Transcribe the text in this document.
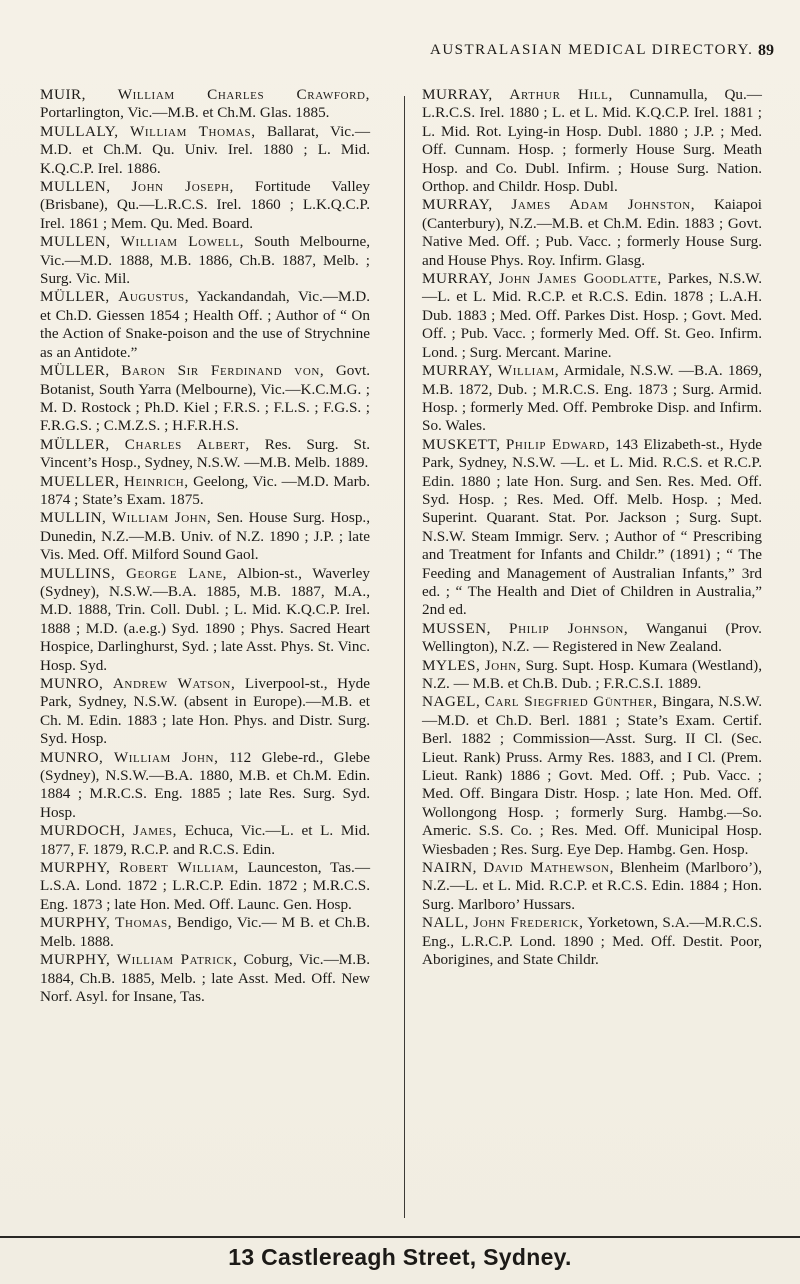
AUSTRALASIAN MEDICAL DIRECTORY. 89

MUIR, William Charles Crawford, Portarlington, Vic.—M.B. et Ch.M. Glas. 1885.

MULLALY, William Thomas, Ballarat, Vic.—M.D. et Ch.M. Qu. Univ. Irel. 1880 ; L. Mid. K.Q.C.P. Irel. 1886.

MULLEN, John Joseph, Fortitude Valley (Brisbane), Qu.—L.R.C.S. Irel. 1860 ; L.K.Q.C.P. Irel. 1861 ; Mem. Qu. Med. Board.

MULLEN, William Lowell, South Melbourne, Vic.—M.D. 1888, M.B. 1886, Ch.B. 1887, Melb. ; Surg. Vic. Mil.

MÜLLER, Augustus, Yackandandah, Vic.—M.D. et Ch.D. Giessen 1854 ; Health Off. ; Author of “ On the Action of Snake-poison and the use of Strychnine as an Antidote.”

MÜLLER, Baron Sir Ferdinand von, Govt. Botanist, South Yarra (Melbourne), Vic.—K.C.M.G. ; M. D. Rostock ; Ph.D. Kiel ; F.R.S. ; F.L.S. ; F.G.S. ; F.R.G.S. ; C.M.Z.S. ; H.F.R.H.S.

MÜLLER, Charles Albert, Res. Surg. St. Vincent’s Hosp., Sydney, N.S.W. —M.B. Melb. 1889.

MUELLER, Heinrich, Geelong, Vic. —M.D. Marb. 1874 ; State’s Exam. 1875.

MULLIN, William John, Sen. House Surg. Hosp., Dunedin, N.Z.—M.B. Univ. of N.Z. 1890 ; J.P. ; late Vis. Med. Off. Milford Sound Gaol.

MULLINS, George Lane, Albion-st., Waverley (Sydney), N.S.W.—B.A. 1885, M.B. 1887, M.A., M.D. 1888, Trin. Coll. Dubl. ; L. Mid. K.Q.C.P. Irel. 1888 ; M.D. (a.e.g.) Syd. 1890 ; Phys. Sacred Heart Hospice, Darlinghurst, Syd. ; late Asst. Phys. St. Vinc. Hosp. Syd.

MUNRO, Andrew Watson, Liverpool-st., Hyde Park, Sydney, N.S.W. (absent in Europe).—M.B. et Ch. M. Edin. 1883 ; late Hon. Phys. and Distr. Surg. Syd. Hosp.

MUNRO, William John, 112 Glebe-rd., Glebe (Sydney), N.S.W.—B.A. 1880, M.B. et Ch.M. Edin. 1884 ; M.R.C.S. Eng. 1885 ; late Res. Surg. Syd. Hosp.

MURDOCH, James, Echuca, Vic.—L. et L. Mid. 1877, F. 1879, R.C.P. and R.C.S. Edin.

MURPHY, Robert William, Launceston, Tas.—L.S.A. Lond. 1872 ; L.R.C.P. Edin. 1872 ; M.R.C.S. Eng. 1873 ; late Hon. Med. Off. Launc. Gen. Hosp.

MURPHY, Thomas, Bendigo, Vic.— M B. et Ch.B. Melb. 1888.

MURPHY, William Patrick, Coburg, Vic.—M.B. 1884, Ch.B. 1885, Melb. ; late Asst. Med. Off. New Norf. Asyl. for Insane, Tas.

MURRAY, Arthur Hill, Cunnamulla, Qu.—L.R.C.S. Irel. 1880 ; L. et L. Mid. K.Q.C.P. Irel. 1881 ; L. Mid. Rot. Lying-in Hosp. Dubl. 1880 ; J.P. ; Med. Off. Cunnam. Hosp. ; formerly House Surg. Meath Hosp. and Co. Dubl. Infirm. ; House Surg. Nation. Orthop. and Childr. Hosp. Dubl.

MURRAY, James Adam Johnston, Kaiapoi (Canterbury), N.Z.—M.B. et Ch.M. Edin. 1883 ; Govt. Native Med. Off. ; Pub. Vacc. ; formerly House Surg. and House Phys. Roy. Infirm. Glasg.

MURRAY, John James Goodlatte, Parkes, N.S.W.—L. et L. Mid. R.C.P. et R.C.S. Edin. 1878 ; L.A.H. Dub. 1883 ; Med. Off. Parkes Dist. Hosp. ; Govt. Med. Off. ; Pub. Vacc. ; formerly Med. Off. St. Geo. Infirm. Lond. ; Surg. Mercant. Marine.

MURRAY, William, Armidale, N.S.W. —B.A. 1869, M.B. 1872, Dub. ; M.R.C.S. Eng. 1873 ; Surg. Armid. Hosp. ; formerly Med. Off. Pembroke Disp. and Infirm. So. Wales.

MUSKETT, Philip Edward, 143 Elizabeth-st., Hyde Park, Sydney, N.S.W. —L. et L. Mid. R.C.S. et R.C.P. Edin. 1880 ; late Hon. Surg. and Sen. Res. Med. Off. Syd. Hosp. ; Res. Med. Off. Melb. Hosp. ; Med. Superint. Quarant. Stat. Por. Jackson ; Surg. Supt. N.S.W. Steam Immigr. Serv. ; Author of “ Prescribing and Treatment for Infants and Childr.” (1891) ; “ The Feeding and Management of Australian Infants,” 3rd ed. ; “ The Health and Diet of Children in Australia,” 2nd ed.

MUSSEN, Philip Johnson, Wanganui (Prov. Wellington), N.Z. — Registered in New Zealand.

MYLES, John, Surg. Supt. Hosp. Kumara (Westland), N.Z. — M.B. et Ch.B. Dub. ; F.R.C.S.I. 1889.

NAGEL, Carl Siegfried Günther, Bingara, N.S.W.—M.D. et Ch.D. Berl. 1881 ; State’s Exam. Certif. Berl. 1882 ; Commission—Asst. Surg. II Cl. (Sec. Lieut. Rank) Pruss. Army Res. 1883, and I Cl. (Prem. Lieut. Rank) 1886 ; Govt. Med. Off. ; Pub. Vacc. ; Med. Off. Bingara Distr. Hosp. ; late Hon. Med. Off. Wollongong Hosp. ; formerly Surg. Hambg.—So. Americ. S.S. Co. ; Res. Med. Off. Municipal Hosp. Wiesbaden ; Res. Surg. Eye Dep. Hambg. Gen. Hosp.

NAIRN, David Mathewson, Blenheim (Marlboro’), N.Z.—L. et L. Mid. R.C.P. et R.C.S. Edin. 1884 ; Hon. Surg. Marlboro’ Hussars.

NALL, John Frederick, Yorketown, S.A.—M.R.C.S. Eng., L.R.C.P. Lond. 1890 ; Med. Off. Destit. Poor, Aborigines, and State Childr.

13 Castlereagh Street, Sydney.
